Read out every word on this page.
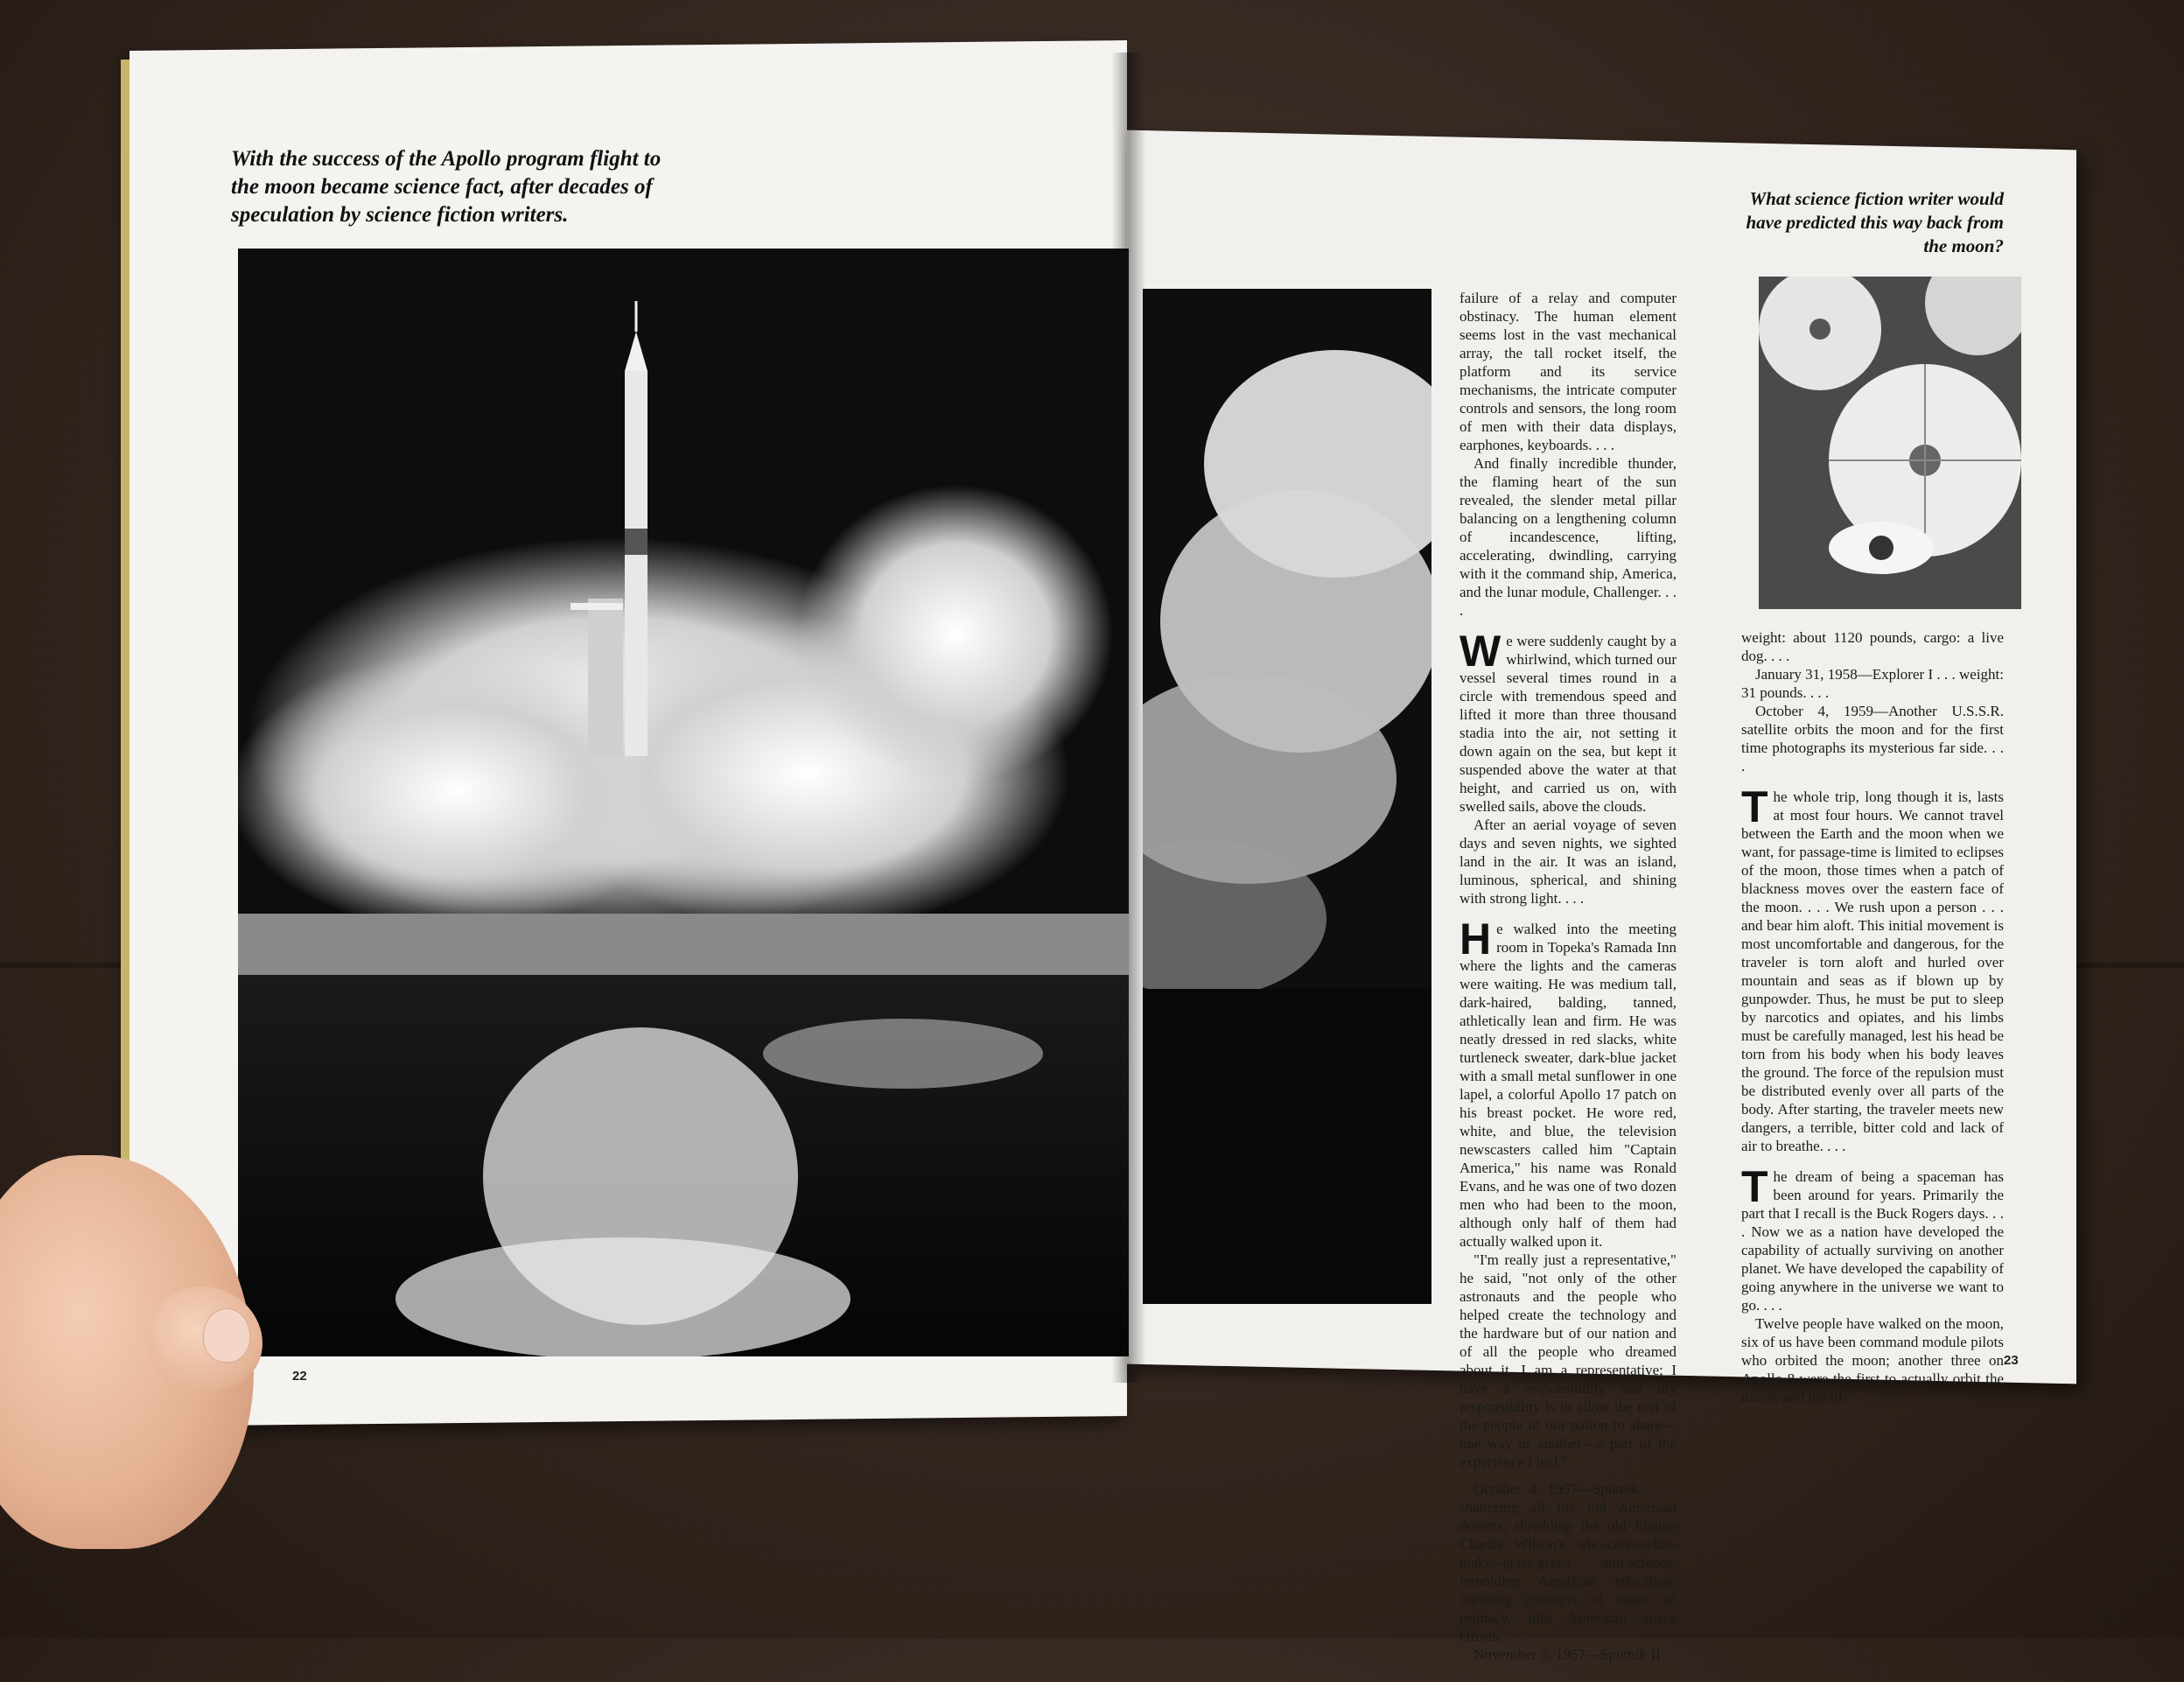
With the success of the Apollo program flight to the moon became science fact, after decades of speculation by science fiction writers.
What science fiction writer would have predicted this way back from the moon?

failure of a relay and computer obstinacy. The human element seems lost in the vast mechanical array, the tall rocket itself, the platform and its service mechanisms, the intricate computer controls and sensors, the long room of men with their data displays, earphones, keyboards. . . .

And finally incredible thunder, the flaming heart of the sun revealed, the slender metal pillar balancing on a lengthening column of incandescence, lifting, accelerating, dwindling, carrying with it the command ship, America, and the lunar module, Challenger. . . .

We were suddenly caught by a whirlwind, which turned our vessel several times round in a circle with tremendous speed and lifted it more than three thousand stadia into the air, not setting it down again on the sea, but kept it suspended above the water at that height, and carried us on, with swelled sails, above the clouds.

After an aerial voyage of seven days and seven nights, we sighted land in the air. It was an island, luminous, spherical, and shining with strong light. . . .

He walked into the meeting room in Topeka's Ramada Inn where the lights and the cameras were waiting. He was medium tall, dark-haired, balding, tanned, athletically lean and firm. He was neatly dressed in red slacks, white turtleneck sweater, dark-blue jacket with a small metal sunflower in one lapel, a colorful Apollo 17 patch on his breast pocket. He wore red, white, and blue, the television newscasters called him "Captain America," his name was Ronald Evans, and he was one of two dozen men who had been to the moon, although only half of them had actually walked upon it.

"I'm really just a representative," he said, "not only of the other astronauts and the people who helped create the technology and the hardware but of our nation and of all the people who dreamed about it. I am a representative; I have a responsibility and my responsibility is to allow the rest of the people of our nation to share—one way or another—a part of the experience I had."

October 4, 1957—Sputnik. . . . shattering all the old American dreams, shredding the old Engine Charlie Wilson's who-cares-what-makes-grass-green anti-science, remolding American education, injecting concepts of haste, of primacy, into American space efforts. . . .

November 3, 1957—Sputnik II . . .

weight: about 1120 pounds, cargo: a live dog. . . .

January 31, 1958—Explorer I . . . weight: 31 pounds. . . .

October 4, 1959—Another U.S.S.R. satellite orbits the moon and for the first time photographs its mysterious far side. . . .

The whole trip, long though it is, lasts at most four hours. We cannot travel between the Earth and the moon when we want, for passage-time is limited to eclipses of the moon, those times when a patch of blackness moves over the eastern face of the moon. . . . We rush upon a person . . . and bear him aloft. This initial movement is most uncomfortable and dangerous, for the traveler is torn aloft and hurled over mountain and seas as if blown up by gunpowder. Thus, he must be put to sleep by narcotics and opiates, and his limbs must be carefully managed, lest his head be torn from his body when his body leaves the ground. The force of the repulsion must be distributed evenly over all parts of the body. After starting, the traveler meets new dangers, a terrible, bitter cold and lack of air to breathe. . . .

The dream of being a spaceman has been around for years. Primarily the part that I recall is the Buck Rogers days. . . . Now we as a nation have developed the capability of actually surviving on another planet. We have developed the capability of going anywhere in the universe we want to go. . . .

Twelve people have walked on the moon, six of us have been command module pilots who orbited the moon; another three on Apollo 8 were the first to actually orbit the moon; and the ill-

22
23
